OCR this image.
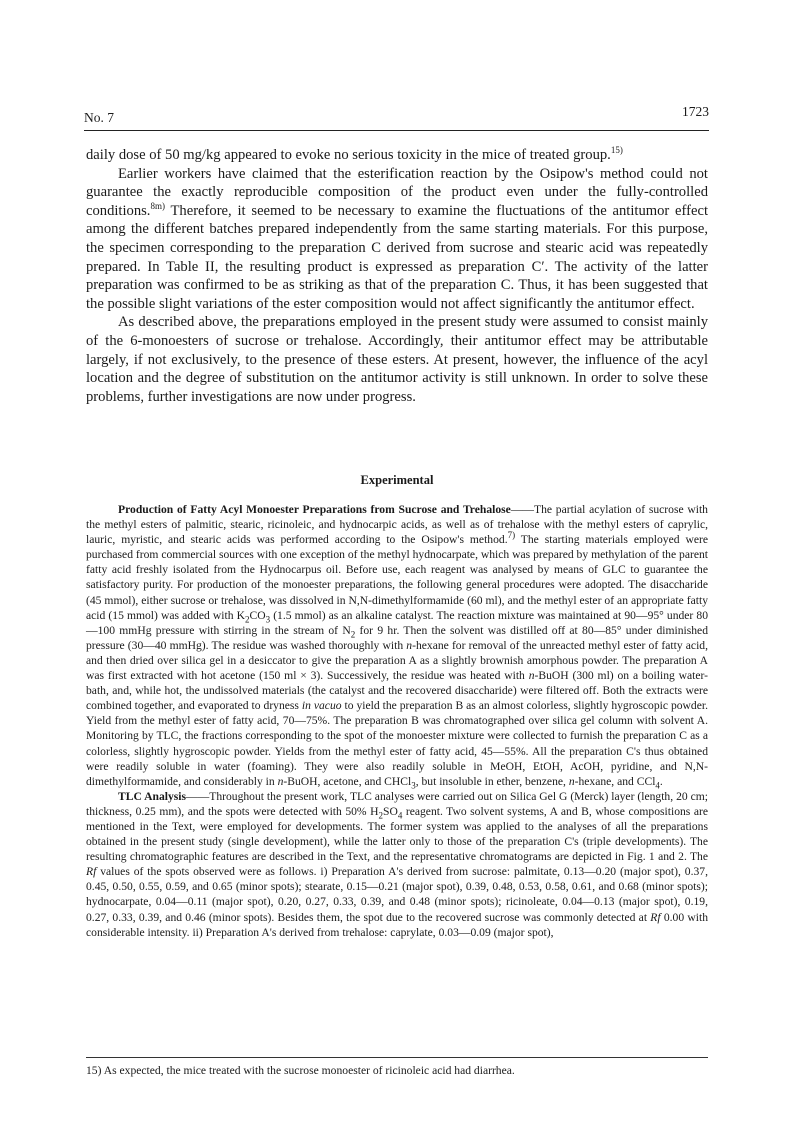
No. 7	1723

daily dose of 50 mg/kg appeared to evoke no serious toxicity in the mice of treated group.$^{15)}$

Earlier workers have claimed that the esterification reaction by the Osipow's method could not guarantee the exactly reproducible composition of the product even under the fully-controlled conditions.$^{8m)}$ Therefore, it seemed to be necessary to examine the fluctuations of the antitumor effect among the different batches prepared independently from the same starting materials. For this purpose, the specimen corresponding to the preparation C derived from sucrose and stearic acid was repeatedly prepared. In Table II, the resulting product is expressed as preparation C′. The activity of the latter preparation was confirmed to be as striking as that of the preparation C. Thus, it has been suggested that the possible slight variations of the ester composition would not affect significantly the antitumor effect.

As described above, the preparations employed in the present study were assumed to consist mainly of the 6-monoesters of sucrose or trehalose. Accordingly, their antitumor effect may be attributable largely, if not exclusively, to the presence of these esters. At present, however, the influence of the acyl location and the degree of substitution on the antitumor activity is still unknown. In order to solve these problems, further investigations are now under progress.

Experimental

Production of Fatty Acyl Monoester Preparations from Sucrose and Trehalose——The partial acylation of sucrose with the methyl esters of palmitic, stearic, ricinoleic, and hydnocarpic acids, as well as of trehalose with the methyl esters of caprylic, lauric, myristic, and stearic acids was performed according to the Osipow's method.$^{7)}$ The starting materials employed were purchased from commercial sources with one exception of the methyl hydnocarpate, which was prepared by methylation of the parent fatty acid freshly isolated from the Hydnocarpus oil. Before use, each reagent was analysed by means of GLC to guarantee the satisfactory purity. For production of the monoester preparations, the following general procedures were adopted. The disaccharide (45 mmol), either sucrose or trehalose, was dissolved in N,N-dimethylformamide (60 ml), and the methyl ester of an appropriate fatty acid (15 mmol) was added with $K_2CO_3$ (1.5 mmol) as an alkaline catalyst. The reaction mixture was maintained at 90—95° under 80—100 mmHg pressure with stirring in the stream of $N_2$ for 9 hr. Then the solvent was distilled off at 80—85° under diminished pressure (30—40 mmHg). The residue was washed thoroughly with n-hexane for removal of the unreacted methyl ester of fatty acid, and then dried over silica gel in a desiccator to give the preparation A as a slightly brownish amorphous powder. The preparation A was first extracted with hot acetone (150 ml × 3). Successively, the residue was heated with n-BuOH (300 ml) on a boiling water-bath, and, while hot, the undissolved materials (the catalyst and the recovered disaccharide) were filtered off. Both the extracts were combined together, and evaporated to dryness in vacuo to yield the preparation B as an almost colorless, slightly hygroscopic powder. Yield from the methyl ester of fatty acid, 70—75%. The preparation B was chromatographed over silica gel column with solvent A. Monitoring by TLC, the fractions corresponding to the spot of the monoester mixture were collected to furnish the preparation C as a colorless, slightly hygroscopic powder. Yields from the methyl ester of fatty acid, 45—55%. All the preparation C's thus obtained were readily soluble in water (foaming). They were also readily soluble in MeOH, EtOH, AcOH, pyridine, and N,N-dimethylformamide, and considerably in n-BuOH, acetone, and CHCl$_3$, but insoluble in ether, benzene, n-hexane, and CCl$_4$.

TLC Analysis——Throughout the present work, TLC analyses were carried out on Silica Gel G (Merck) layer (length, 20 cm; thickness, 0.25 mm), and the spots were detected with 50% $H_2SO_4$ reagent. Two solvent systems, A and B, whose compositions are mentioned in the Text, were employed for developments. The former system was applied to the analyses of all the preparations obtained in the present study (single development), while the latter only to those of the preparation C's (triple developments). The resulting chromatographic features are described in the Text, and the representative chromatograms are depicted in Fig. 1 and 2. The Rf values of the spots observed were as follows. i) Preparation A's derived from sucrose: palmitate, 0.13—0.20 (major spot), 0.37, 0.45, 0.50, 0.55, 0.59, and 0.65 (minor spots); stearate, 0.15—0.21 (major spot), 0.39, 0.48, 0.53, 0.58, 0.61, and 0.68 (minor spots); hydnocarpate, 0.04—0.11 (major spot), 0.20, 0.27, 0.33, 0.39, and 0.48 (minor spots); ricinoleate, 0.04—0.13 (major spot), 0.19, 0.27, 0.33, 0.39, and 0.46 (minor spots). Besides them, the spot due to the recovered sucrose was commonly detected at Rf 0.00 with considerable intensity. ii) Preparation A's derived from trehalose: caprylate, 0.03—0.09 (major spot),

15) As expected, the mice treated with the sucrose monoester of ricinoleic acid had diarrhea.
